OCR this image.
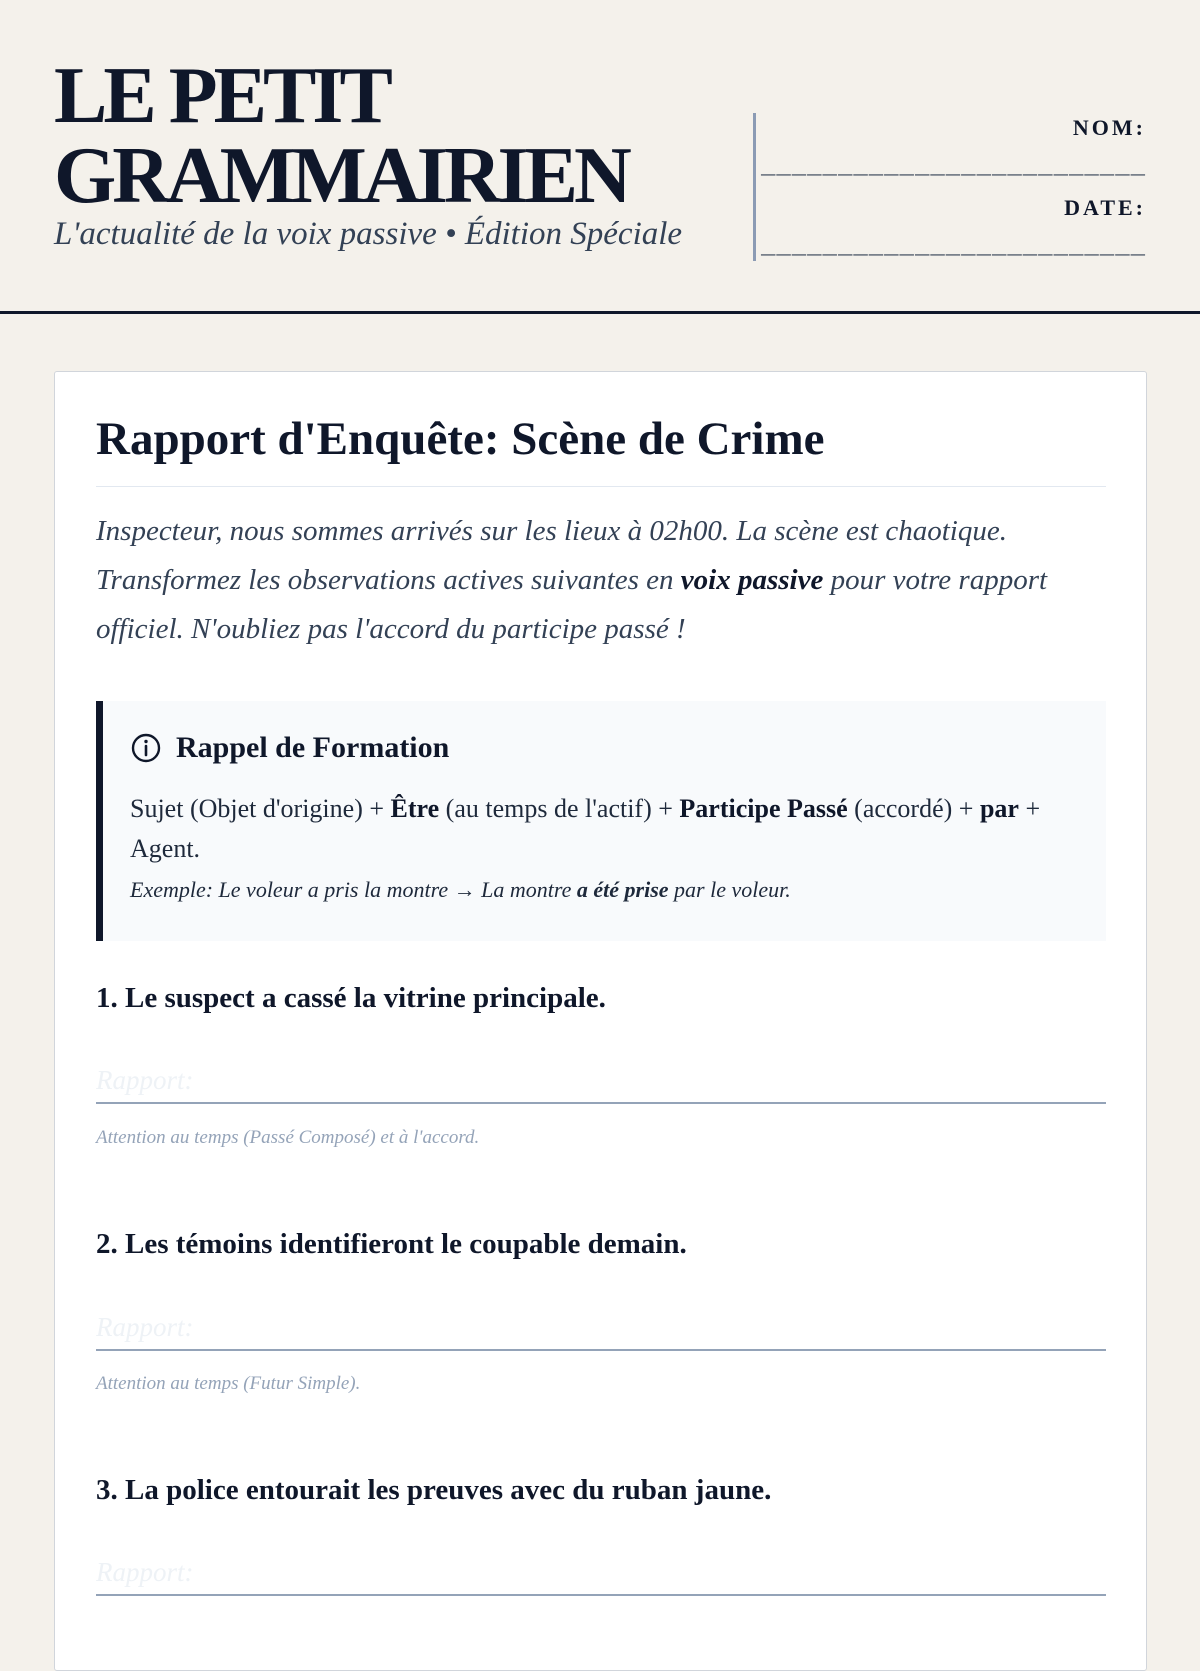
LE PETIT
GRAMMAIRIEN

L'actualité de la voix passive • Édition Spéciale

NOM:
_________________________
DATE:
_________________________
Rapport d'Enquête: Scène de Crime

Inspecteur, nous sommes arrivés sur les lieux à 02h00. La scène est chaotique. Transformez les observations actives suivantes en voix passive pour votre rapport officiel. N'oubliez pas l'accord du participe passé !

Rappel de Formation

Sujet (Objet d'origine) + Être (au temps de l'actif) + Participe Passé (accordé) + par + Agent.

Exemple: Le voleur a pris la montre → La montre a été prise par le voleur.

1. Le suspect a cassé la vitrine principale.

Rapport:

Attention au temps (Passé Composé) et à l'accord.

2. Les témoins identifieront le coupable demain.

Rapport:

Attention au temps (Futur Simple).

3. La police entourait les preuves avec du ruban jaune.

Rapport:
